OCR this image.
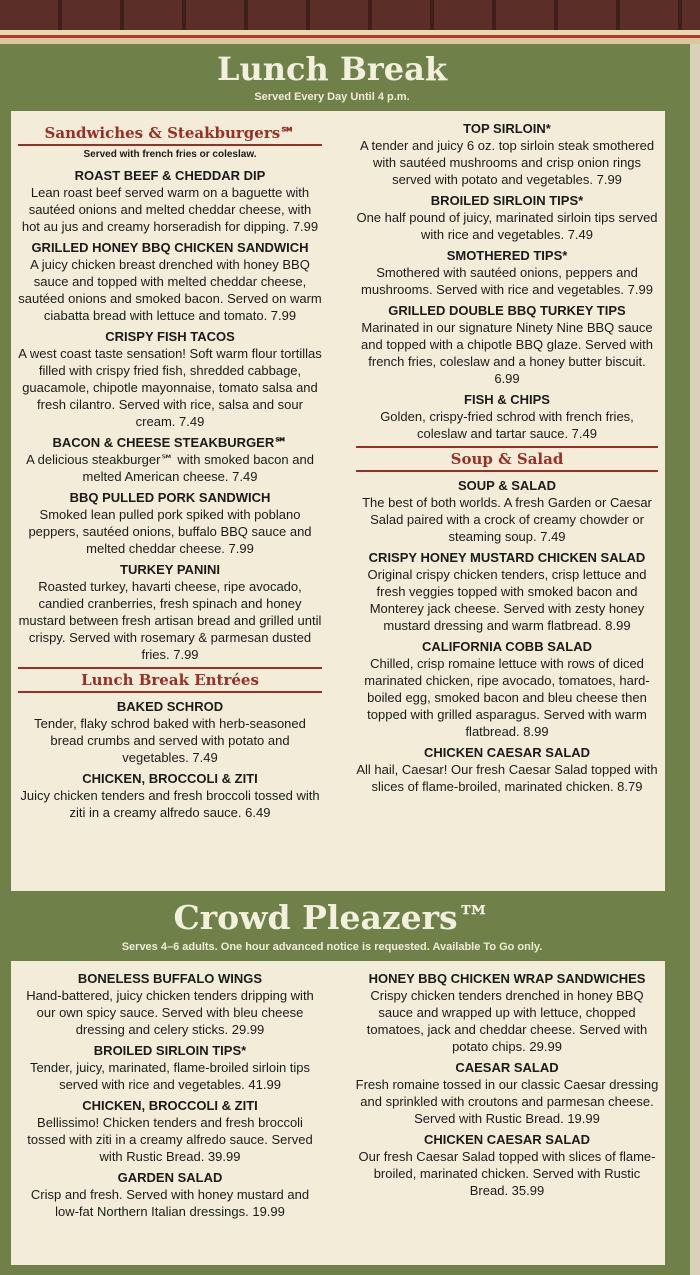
Lunch Break
Served Every Day Until 4 p.m.
Sandwiches & Steakburgers℠
Served with french fries or coleslaw.
ROAST BEEF & CHEDDAR DIP
Lean roast beef served warm on a baguette with sautéed onions and melted cheddar cheese, with hot au jus and creamy horseradish for dipping. 7.99
GRILLED HONEY BBQ CHICKEN SANDWICH
A juicy chicken breast drenched with honey BBQ sauce and topped with melted cheddar cheese, sautéed onions and smoked bacon. Served on warm ciabatta bread with lettuce and tomato. 7.99
CRISPY FISH TACOS
A west coast taste sensation! Soft warm flour tortillas filled with crispy fried fish, shredded cabbage, guacamole, chipotle mayonnaise, tomato salsa and fresh cilantro. Served with rice, salsa and sour cream. 7.49
BACON & CHEESE STEAKBURGER℠
A delicious steakburger℠ with smoked bacon and melted American cheese. 7.49
BBQ PULLED PORK SANDWICH
Smoked lean pulled pork spiked with poblano peppers, sautéed onions, buffalo BBQ sauce and melted cheddar cheese. 7.99
TURKEY PANINI
Roasted turkey, havarti cheese, ripe avocado, candied cranberries, fresh spinach and honey mustard between fresh artisan bread and grilled until crispy. Served with rosemary & parmesan dusted fries. 7.99
Lunch Break Entrées
BAKED SCHROD
Tender, flaky schrod baked with herb-seasoned bread crumbs and served with potato and vegetables. 7.49
CHICKEN, BROCCOLI & ZITI
Juicy chicken tenders and fresh broccoli tossed with ziti in a creamy alfredo sauce. 6.49
TOP SIRLOIN*
A tender and juicy 6 oz. top sirloin steak smothered with sautéed mushrooms and crisp onion rings served with potato and vegetables. 7.99
BROILED SIRLOIN TIPS*
One half pound of juicy, marinated sirloin tips served with rice and vegetables. 7.49
SMOTHERED TIPS*
Smothered with sautéed onions, peppers and mushrooms. Served with rice and vegetables. 7.99
GRILLED DOUBLE BBQ TURKEY TIPS
Marinated in our signature Ninety Nine BBQ sauce and topped with a chipotle BBQ glaze. Served with french fries, coleslaw and a honey butter biscuit. 6.99
FISH & CHIPS
Golden, crispy-fried schrod with french fries, coleslaw and tartar sauce. 7.49
Soup & Salad
SOUP & SALAD
The best of both worlds. A fresh Garden or Caesar Salad paired with a crock of creamy chowder or steaming soup. 7.49
CRISPY HONEY MUSTARD CHICKEN SALAD
Original crispy chicken tenders, crisp lettuce and fresh veggies topped with smoked bacon and Monterey jack cheese. Served with zesty honey mustard dressing and warm flatbread. 8.99
CALIFORNIA COBB SALAD
Chilled, crisp romaine lettuce with rows of diced marinated chicken, ripe avocado, tomatoes, hard-boiled egg, smoked bacon and bleu cheese then topped with grilled asparagus. Served with warm flatbread. 8.99
CHICKEN CAESAR SALAD
All hail, Caesar! Our fresh Caesar Salad topped with slices of flame-broiled, marinated chicken. 8.79
Crowd Pleazers™
Serves 4–6 adults. One hour advanced notice is requested. Available To Go only.
BONELESS BUFFALO WINGS
Hand-battered, juicy chicken tenders dripping with our own spicy sauce. Served with bleu cheese dressing and celery sticks. 29.99
BROILED SIRLOIN TIPS*
Tender, juicy, marinated, flame-broiled sirloin tips served with rice and vegetables. 41.99
CHICKEN, BROCCOLI & ZITI
Bellissimo! Chicken tenders and fresh broccoli tossed with ziti in a creamy alfredo sauce. Served with Rustic Bread. 39.99
GARDEN SALAD
Crisp and fresh. Served with honey mustard and low-fat Northern Italian dressings. 19.99
HONEY BBQ CHICKEN WRAP SANDWICHES
Crispy chicken tenders drenched in honey BBQ sauce and wrapped up with lettuce, chopped tomatoes, jack and cheddar cheese. Served with potato chips. 29.99
CAESAR SALAD
Fresh romaine tossed in our classic Caesar dressing and sprinkled with croutons and parmesan cheese. Served with Rustic Bread. 19.99
CHICKEN CAESAR SALAD
Our fresh Caesar Salad topped with slices of flame-broiled, marinated chicken. Served with Rustic Bread. 35.99
